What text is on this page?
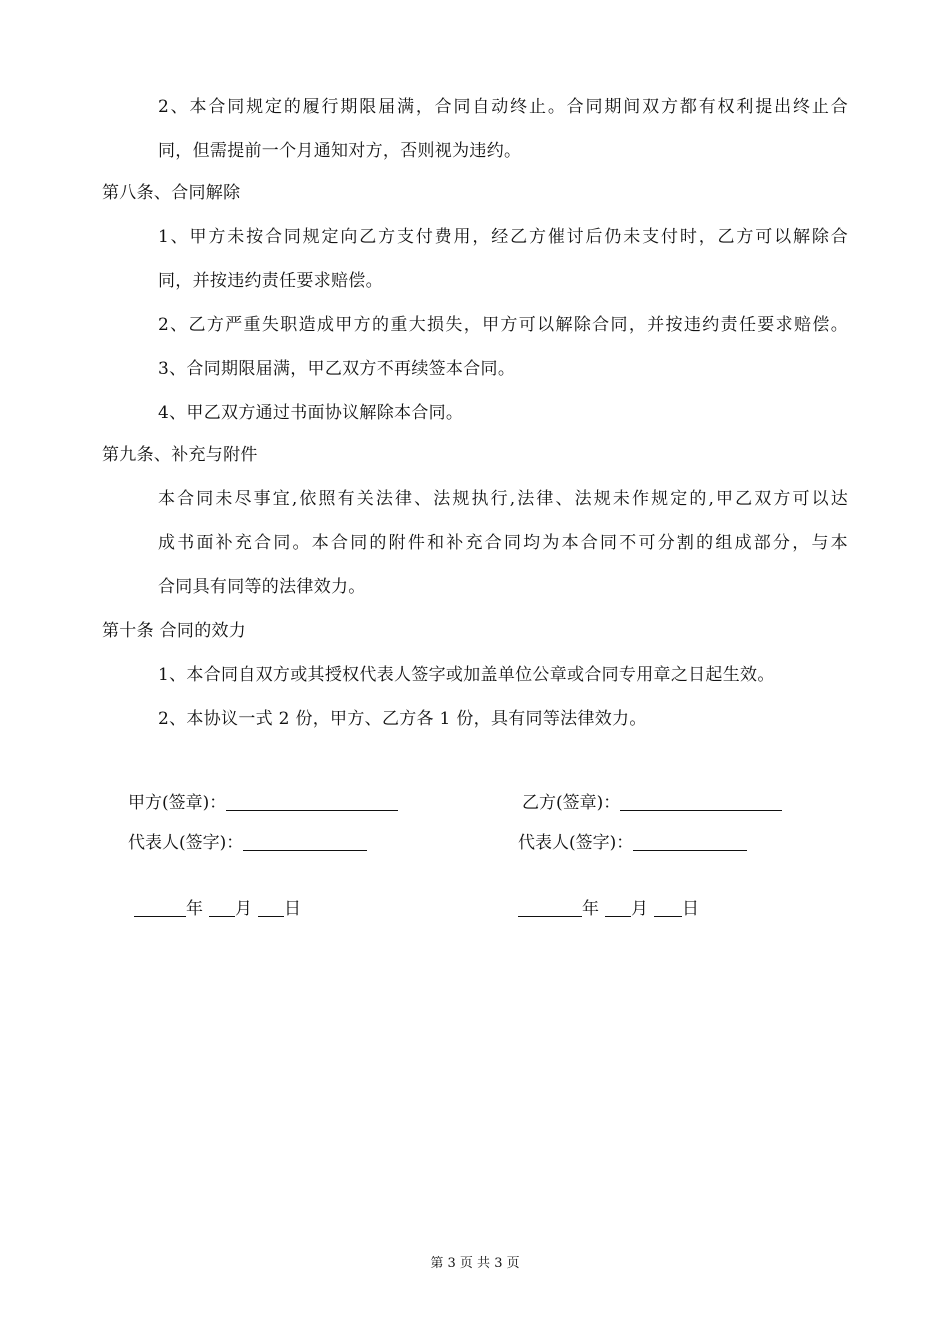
2、本合同规定的履行期限届满，合同自动终止。合同期间双方都有权利提出终止合
同，但需提前一个月通知对方，否则视为违约。
第八条、合同解除
1、甲方未按合同规定向乙方支付费用，经乙方催讨后仍未支付时，乙方可以解除合
同，并按违约责任要求赔偿。
2、乙方严重失职造成甲方的重大损失，甲方可以解除合同，并按违约责任要求赔偿。
3、合同期限届满，甲乙双方不再续签本合同。
4、甲乙双方通过书面协议解除本合同。
第九条、补充与附件
本合同未尽事宜,依照有关法律、法规执行,法律、法规未作规定的,甲乙双方可以达
成书面补充合同。本合同的附件和补充合同均为本合同不可分割的组成部分，与本
合同具有同等的法律效力。
第十条 合同的效力
1、本合同自双方或其授权代表人签字或加盖单位公章或合同专用章之日起生效。
2、本协议一式 2 份，甲方、乙方各 1 份，具有同等法律效力。
甲方(签章)：	乙方(签章)：
代表人(签字)：	代表人(签字)：
年 月 日	年 月 日
第 3 页 共 3 页
